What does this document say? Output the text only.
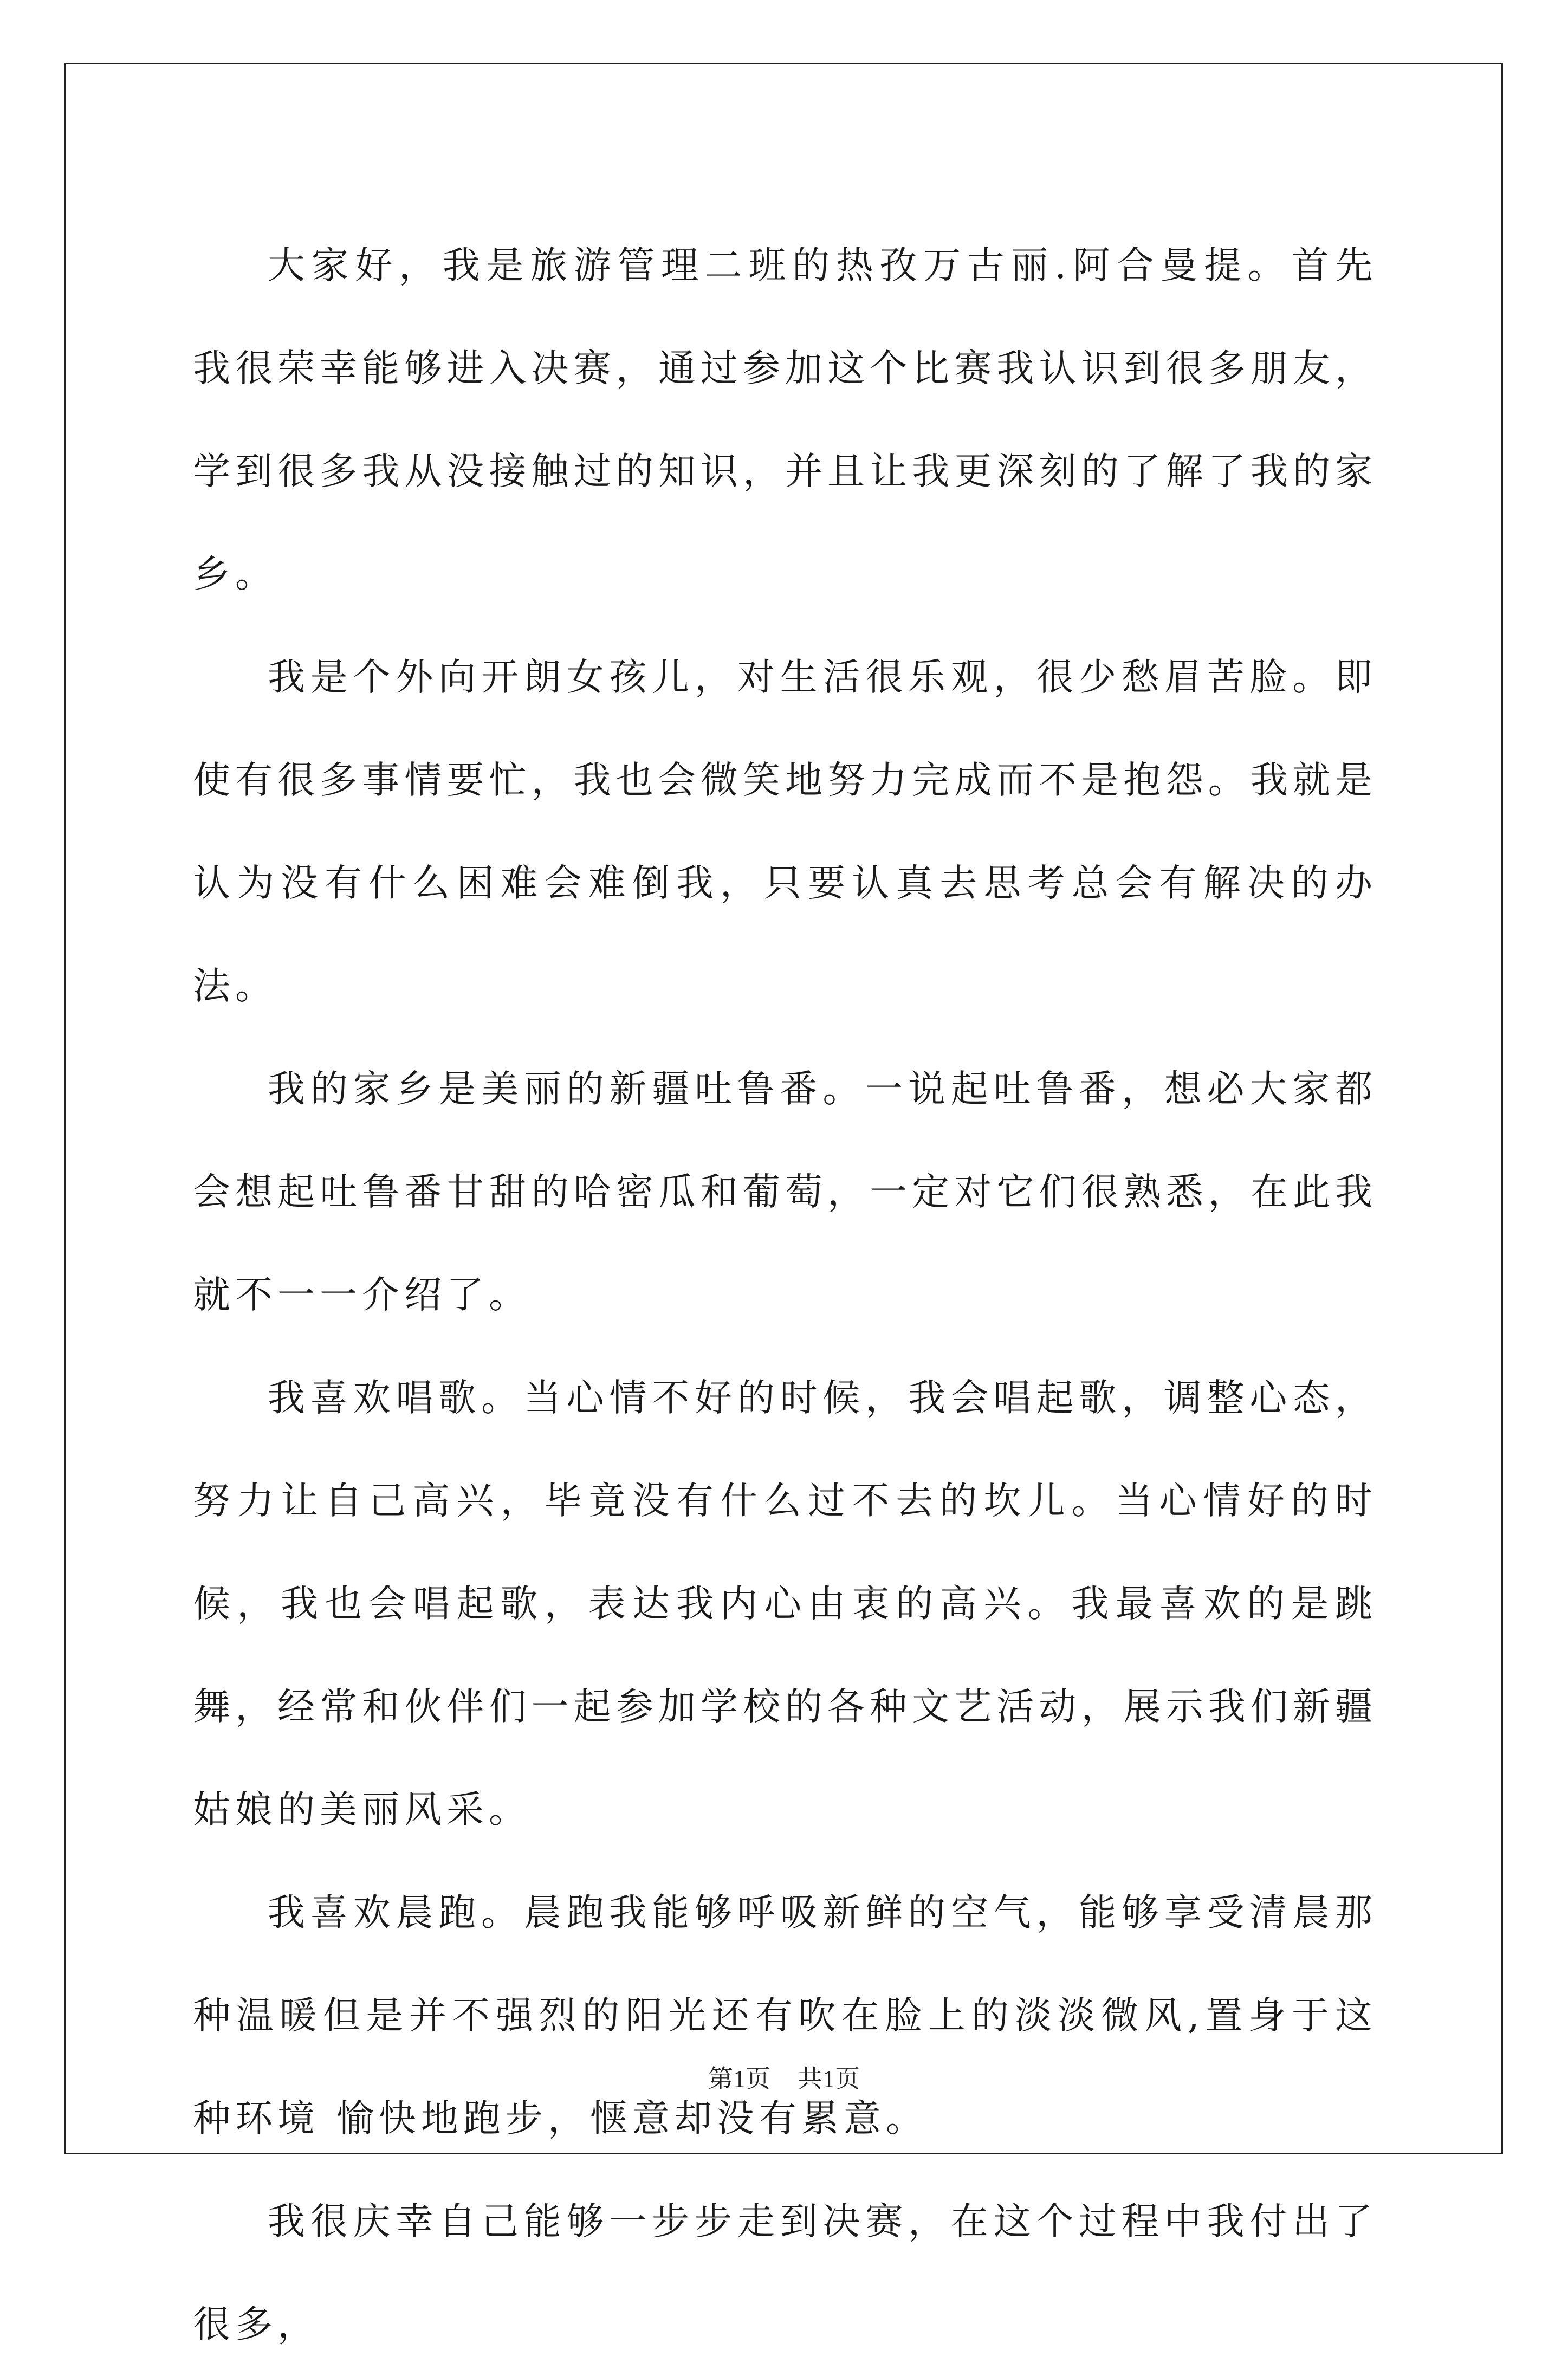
大家好，我是旅游管理二班的热孜万古丽.阿合曼提。首先我很荣幸能够进入决赛，通过参加这个比赛我认识到很多朋友，学到很多我从没接触过的知识，并且让我更深刻的了解了我的家乡。

我是个外向开朗女孩儿，对生活很乐观，很少愁眉苦脸。即使有很多事情要忙，我也会微笑地努力完成而不是抱怨。我就是认为没有什么困难会难倒我，只要认真去思考总会有解决的办法。

我的家乡是美丽的新疆吐鲁番。一说起吐鲁番，想必大家都会想起吐鲁番甘甜的哈密瓜和葡萄，一定对它们很熟悉，在此我就不一一介绍了。

我喜欢唱歌。当心情不好的时候，我会唱起歌，调整心态，努力让自己高兴，毕竟没有什么过不去的坎儿。当心情好的时候，我也会唱起歌，表达我内心由衷的高兴。我最喜欢的是跳舞，经常和伙伴们一起参加学校的各种文艺活动，展示我们新疆姑娘的美丽风采。

我喜欢晨跑。晨跑我能够呼吸新鲜的空气，能够享受清晨那种温暖但是并不强烈的阳光还有吹在脸上的淡淡微风,置身于这种环境 愉快地跑步，惬意却没有累意。

我很庆幸自己能够一步步走到决赛，在这个过程中我付出了很多，

第1页 共1页
